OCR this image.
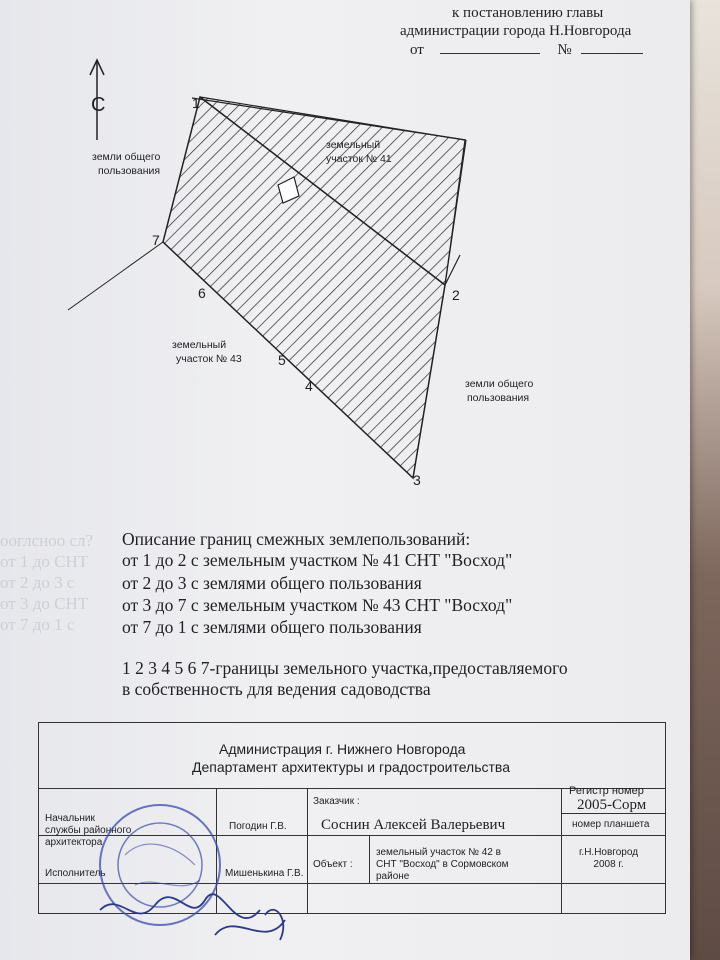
ооглсноо сл?
от 1 до СНТ
от 2 до 3 с
от 3 до СНТ
от 7 до 1 с
к постановлению главы
администрации города Н.Новгорода
от	№
С
земли общего
пользования
земельный
участок № 41
земельный
участок № 43
земли общего
пользования
1
2
3
4
5
6
7
Описание границ смежных землепользований:
от 1 до 2 с земельным участком № 41 СНТ "Восход"
от 2 до 3 с землями общего пользования
от 3 до 7 с земельным участком № 43 СНТ "Восход"
от 7 до 1 с землями общего пользования
1 2 3 4 5 6 7-границы земельного участка,предоставляемого
в собственность для ведения садоводства
Администрация г. Нижнего Новгорода
Департамент архитектуры и градостроительства
Начальник
службы районного
архитектора
Погодин Г.В.
Заказчик :
Соснин Алексей Валерьевич
Регистр номер
2005-Сорм
номер планшета
Исполнитель	Мишенькина Г.В.
Объект :
земельный участок № 42 в
СНТ "Восход" в Сормовском
районе
г.Н.Новгород
2008 г.
